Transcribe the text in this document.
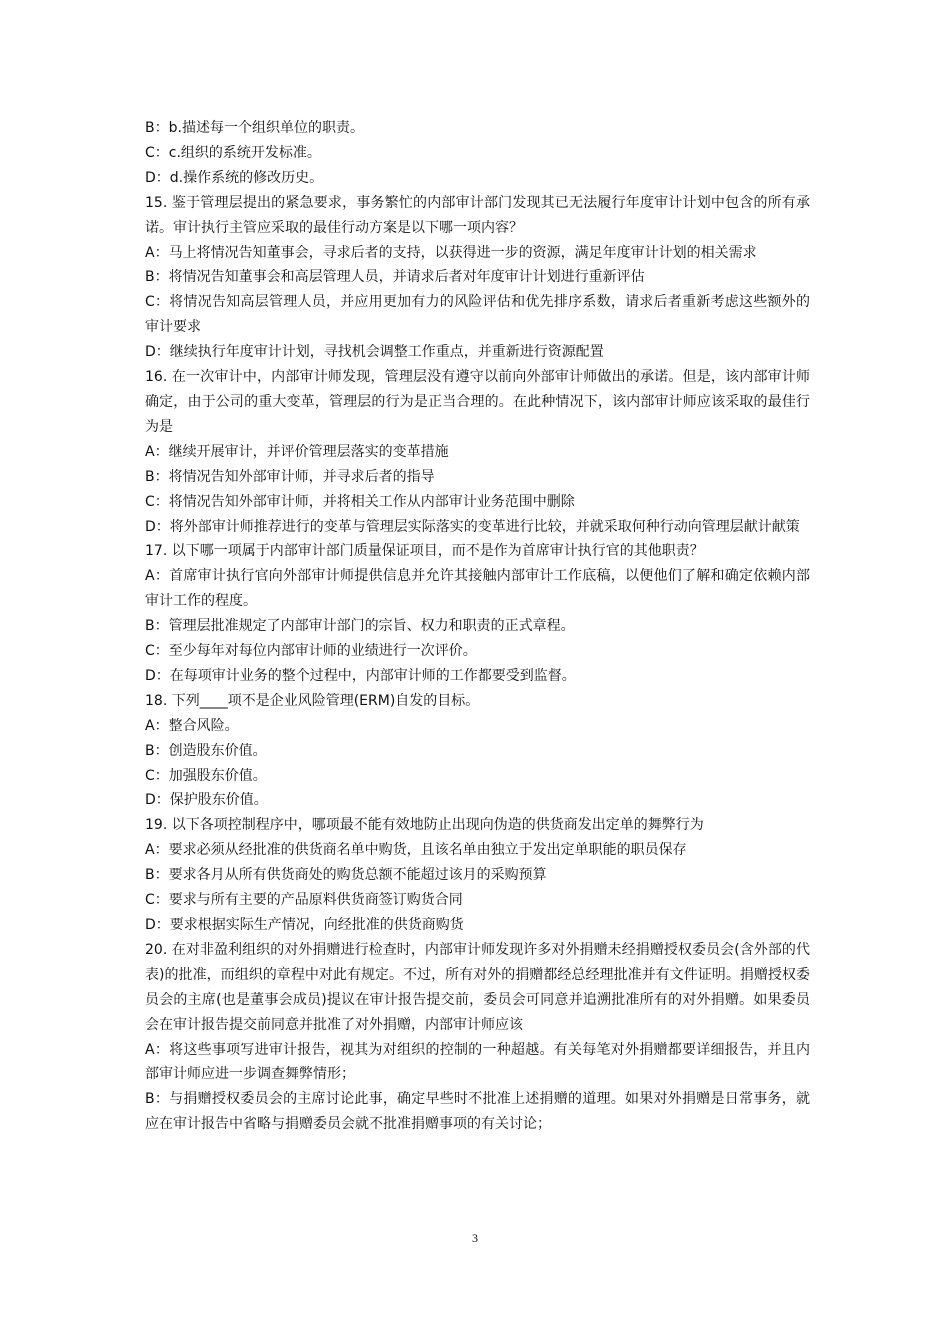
B：b.描述每一个组织单位的职责。
C：c.组织的系统开发标准。
D：d.操作系统的修改历史。
15. 鉴于管理层提出的紧急要求，事务繁忙的内部审计部门发现其已无法履行年度审计计划中包含的所有承诺。审计执行主管应采取的最佳行动方案是以下哪一项内容？
A：马上将情况告知董事会，寻求后者的支持，以获得进一步的资源，满足年度审计计划的相关需求
B：将情况告知董事会和高层管理人员，并请求后者对年度审计计划进行重新评估
C：将情况告知高层管理人员，并应用更加有力的风险评估和优先排序系数，请求后者重新考虑这些额外的审计要求
D：继续执行年度审计计划，寻找机会调整工作重点，并重新进行资源配置
16. 在一次审计中，内部审计师发现，管理层没有遵守以前向外部审计师做出的承诺。但是，该内部审计师确定，由于公司的重大变革，管理层的行为是正当合理的。在此种情况下，该内部审计师应该采取的最佳行为是
A：继续开展审计，并评价管理层落实的变革措施
B：将情况告知外部审计师，并寻求后者的指导
C：将情况告知外部审计师，并将相关工作从内部审计业务范围中删除
D：将外部审计师推荐进行的变革与管理层实际落实的变革进行比较，并就采取何种行动向管理层献计献策
17. 以下哪一项属于内部审计部门质量保证项目，而不是作为首席审计执行官的其他职责？
A：首席审计执行官向外部审计师提供信息并允许其接触内部审计工作底稿，以便他们了解和确定依赖内部审计工作的程度。
B：管理层批准规定了内部审计部门的宗旨、权力和职责的正式章程。
C：至少每年对每位内部审计师的业绩进行一次评价。
D：在每项审计业务的整个过程中，内部审计师的工作都要受到监督。
18. 下列____项不是企业风险管理(ERM)自发的目标。
A：整合风险。
B：创造股东价值。
C：加强股东价值。
D：保护股东价值。
19. 以下各项控制程序中，哪项最不能有效地防止出现向伪造的供货商发出定单的舞弊行为
A：要求必须从经批准的供货商名单中购货，且该名单由独立于发出定单职能的职员保存
B：要求各月从所有供货商处的购货总额不能超过该月的采购预算
C：要求与所有主要的产品原料供货商签订购货合同
D：要求根据实际生产情况，向经批准的供货商购货
20. 在对非盈利组织的对外捐赠进行检查时，内部审计师发现许多对外捐赠未经捐赠授权委员会(含外部的代表)的批准，而组织的章程中对此有规定。不过，所有对外的捐赠都经总经理批准并有文件证明。捐赠授权委员会的主席(也是董事会成员)提议在审计报告提交前，委员会可同意并追溯批准所有的对外捐赠。如果委员会在审计报告提交前同意并批准了对外捐赠，内部审计师应该
A：将这些事项写进审计报告，视其为对组织的控制的一种超越。有关每笔对外捐赠都要详细报告，并且内部审计师应进一步调查舞弊情形；
B：与捐赠授权委员会的主席讨论此事，确定早些时不批准上述捐赠的道理。如果对外捐赠是日常事务，就应在审计报告中省略与捐赠委员会就不批准捐赠事项的有关讨论；
3
